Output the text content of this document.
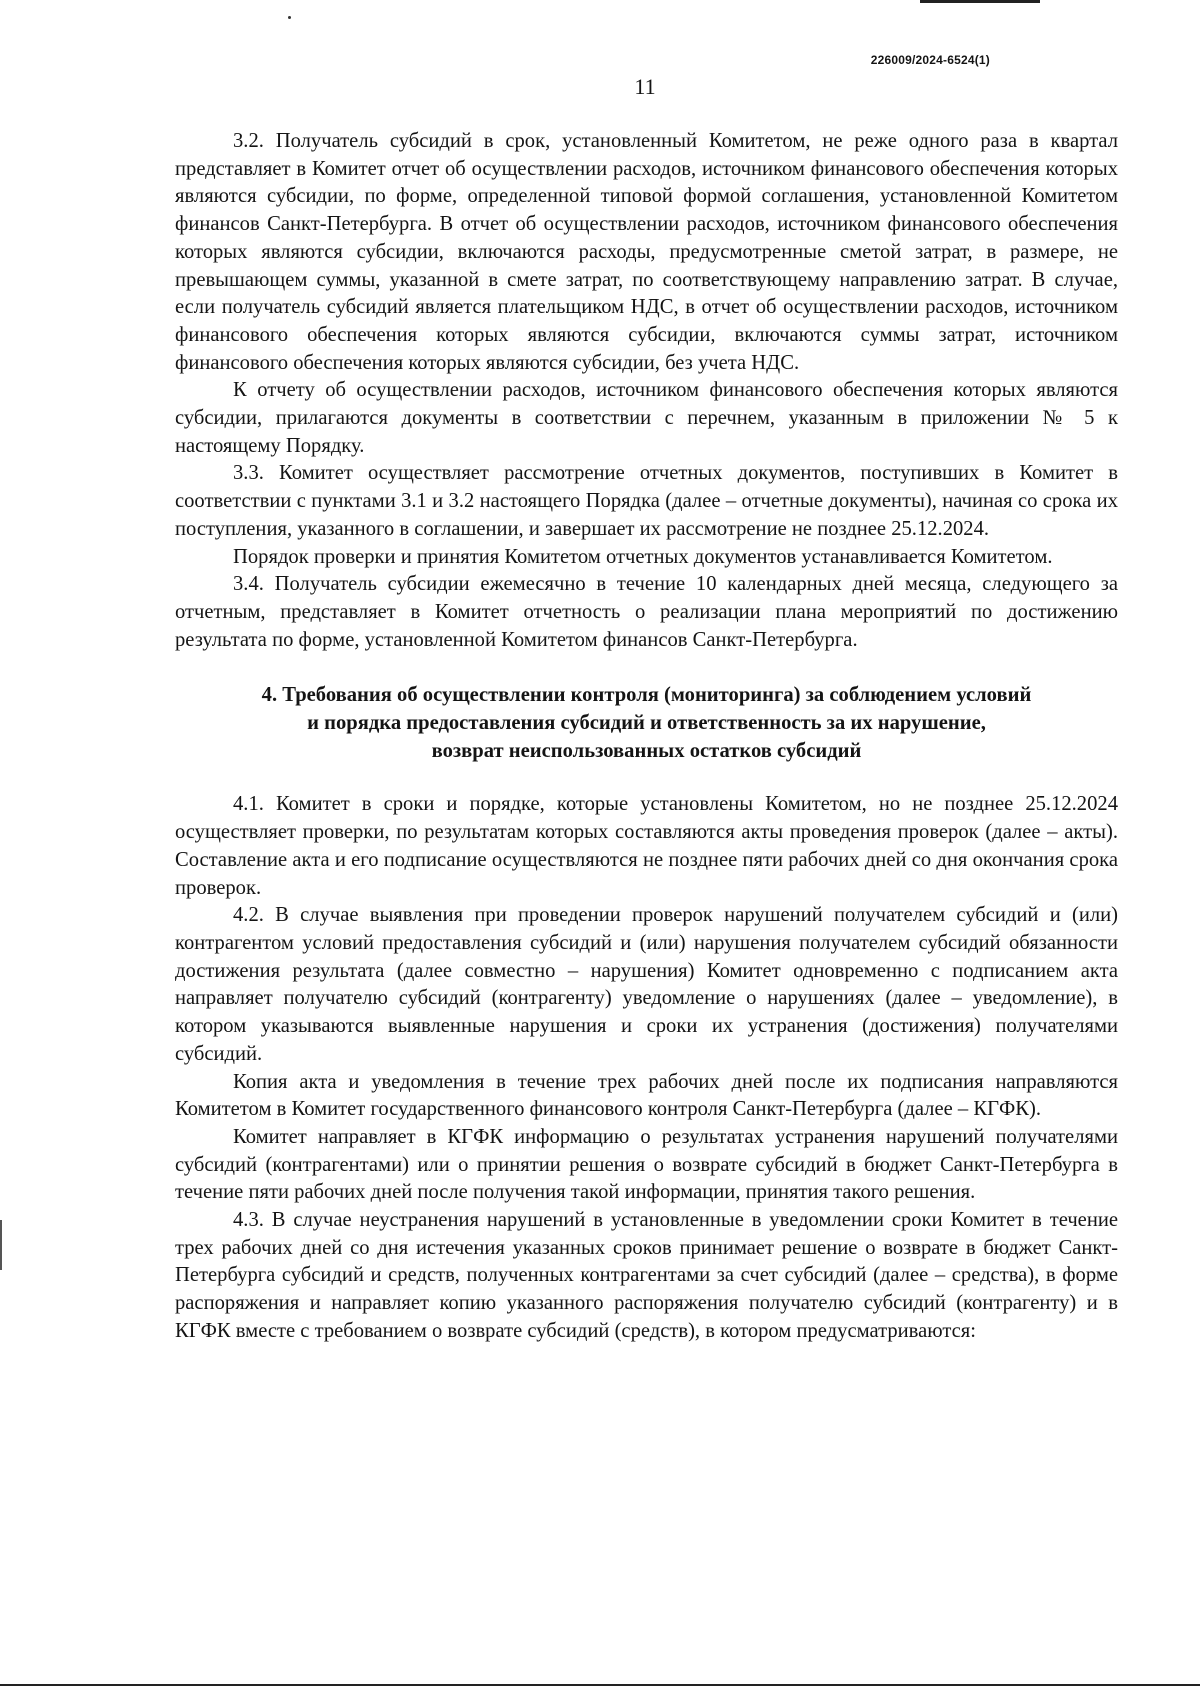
226009/2024-6524(1)
11

3.2. Получатель субсидий в срок, установленный Комитетом, не реже одного раза в квартал представляет в Комитет отчет об осуществлении расходов, источником финансового обеспечения которых являются субсидии, по форме, определенной типовой формой соглашения, установленной Комитетом финансов Санкт-Петербурга. В отчет об осуществлении расходов, источником финансового обеспечения которых являются субсидии, включаются расходы, предусмотренные сметой затрат, в размере, не превышающем суммы, указанной в смете затрат, по соответствующему направлению затрат. В случае, если получатель субсидий является плательщиком НДС, в отчет об осуществлении расходов, источником финансового обеспечения которых являются субсидии, включаются суммы затрат, источником финансового обеспечения которых являются субсидии, без учета НДС.

К отчету об осуществлении расходов, источником финансового обеспечения которых являются субсидии, прилагаются документы в соответствии с перечнем, указанным в приложении № 5 к настоящему Порядку.

3.3. Комитет осуществляет рассмотрение отчетных документов, поступивших в Комитет в соответствии с пунктами 3.1 и 3.2 настоящего Порядка (далее – отчетные документы), начиная со срока их поступления, указанного в соглашении, и завершает их рассмотрение не позднее 25.12.2024.

Порядок проверки и принятия Комитетом отчетных документов устанавливается Комитетом.

3.4. Получатель субсидии ежемесячно в течение 10 календарных дней месяца, следующего за отчетным, представляет в Комитет отчетность о реализации плана мероприятий по достижению результата по форме, установленной Комитетом финансов Санкт-Петербурга.

4. Требования об осуществлении контроля (мониторинга) за соблюдением условий
и порядка предоставления субсидий и ответственность за их нарушение,
возврат неиспользованных остатков субсидий

4.1. Комитет в сроки и порядке, которые установлены Комитетом, но не позднее 25.12.2024 осуществляет проверки, по результатам которых составляются акты проведения проверок (далее – акты). Составление акта и его подписание осуществляются не позднее пяти рабочих дней со дня окончания срока проверок.

4.2. В случае выявления при проведении проверок нарушений получателем субсидий и (или) контрагентом условий предоставления субсидий и (или) нарушения получателем субсидий обязанности достижения результата (далее совместно – нарушения) Комитет одновременно с подписанием акта направляет получателю субсидий (контрагенту) уведомление о нарушениях (далее – уведомление), в котором указываются выявленные нарушения и сроки их устранения (достижения) получателями субсидий.

Копия акта и уведомления в течение трех рабочих дней после их подписания направляются Комитетом в Комитет государственного финансового контроля Санкт-Петербурга (далее – КГФК).

Комитет направляет в КГФК информацию о результатах устранения нарушений получателями субсидий (контрагентами) или о принятии решения о возврате субсидий в бюджет Санкт-Петербурга в течение пяти рабочих дней после получения такой информации, принятия такого решения.

4.3. В случае неустранения нарушений в установленные в уведомлении сроки Комитет в течение трех рабочих дней со дня истечения указанных сроков принимает решение о возврате в бюджет Санкт-Петербурга субсидий и средств, полученных контрагентами за счет субсидий (далее – средства), в форме распоряжения и направляет копию указанного распоряжения получателю субсидий (контрагенту) и в КГФК вместе с требованием о возврате субсидий (средств), в котором предусматриваются:
